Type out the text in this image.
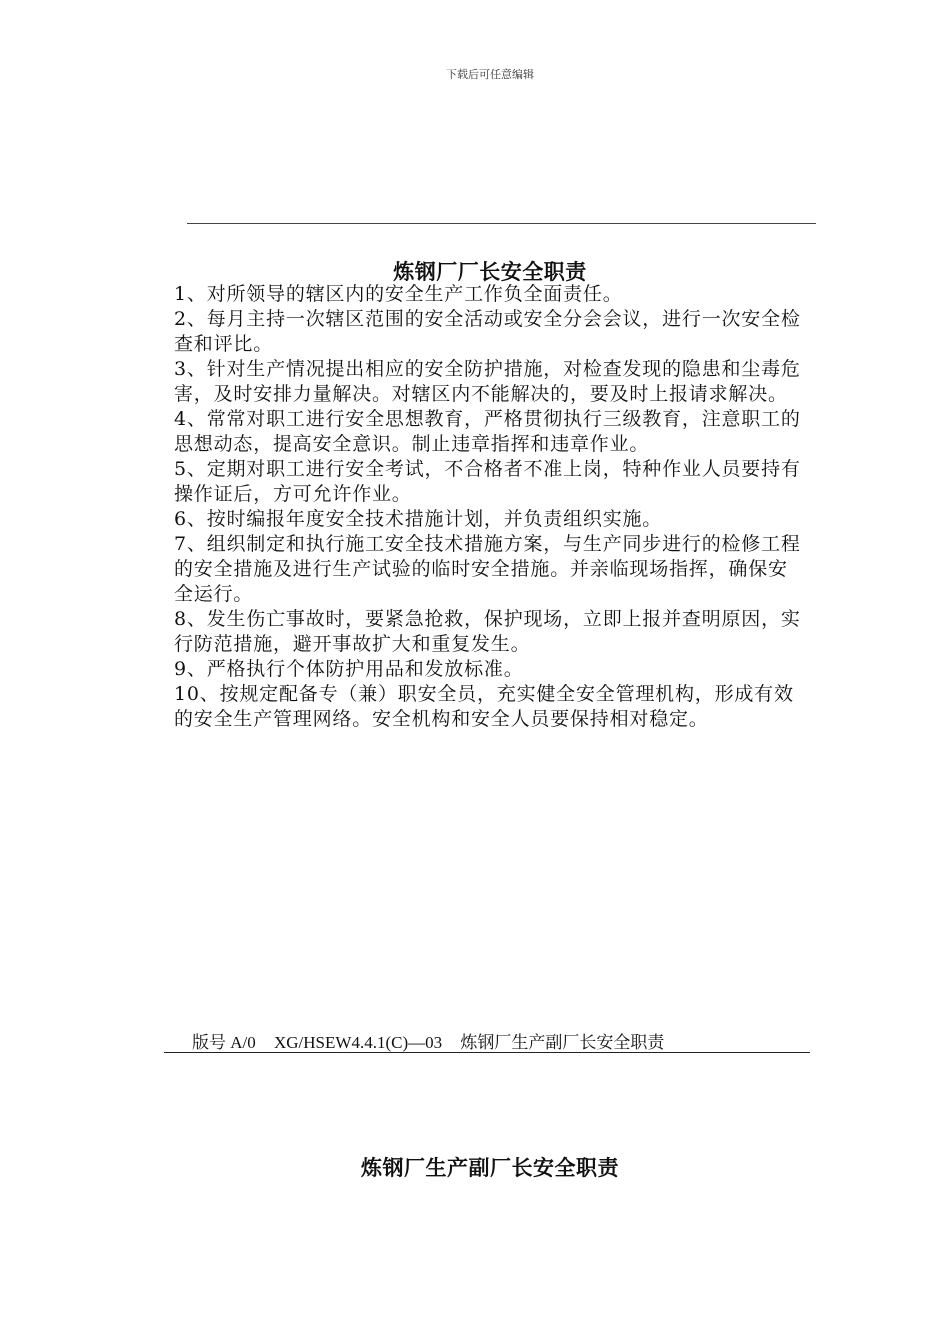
下载后可任意编辑
炼钢厂厂长安全职责

1、对所领导的辖区内的安全生产工作负全面责任。

2、每月主持一次辖区范围的安全活动或安全分会会议，进行一次安全检查和评比。

3、针对生产情况提出相应的安全防护措施，对检查发现的隐患和尘毒危害，及时安排力量解决。对辖区内不能解决的，要及时上报请求解决。

4、常常对职工进行安全思想教育，严格贯彻执行三级教育，注意职工的思想动态，提高安全意识。制止违章指挥和违章作业。

5、定期对职工进行安全考试，不合格者不准上岗，特种作业人员要持有操作证后，方可允许作业。

6、按时编报年度安全技术措施计划，并负责组织实施。

7、组织制定和执行施工安全技术措施方案，与生产同步进行的检修工程的安全措施及进行生产试验的临时安全措施。并亲临现场指挥，确保安全运行。

8、发生伤亡事故时，要紧急抢救，保护现场，立即上报并查明原因，实行防范措施，避开事故扩大和重复发生。

9、严格执行个体防护用品和发放标准。

10、按规定配备专（兼）职安全员，充实健全安全管理机构，形成有效的安全生产管理网络。安全机构和安全人员要保持相对稳定。

版号 A/0 XG/HSEW4.4.1(C)—03 炼钢厂生产副厂长安全职责
炼钢厂生产副厂长安全职责
